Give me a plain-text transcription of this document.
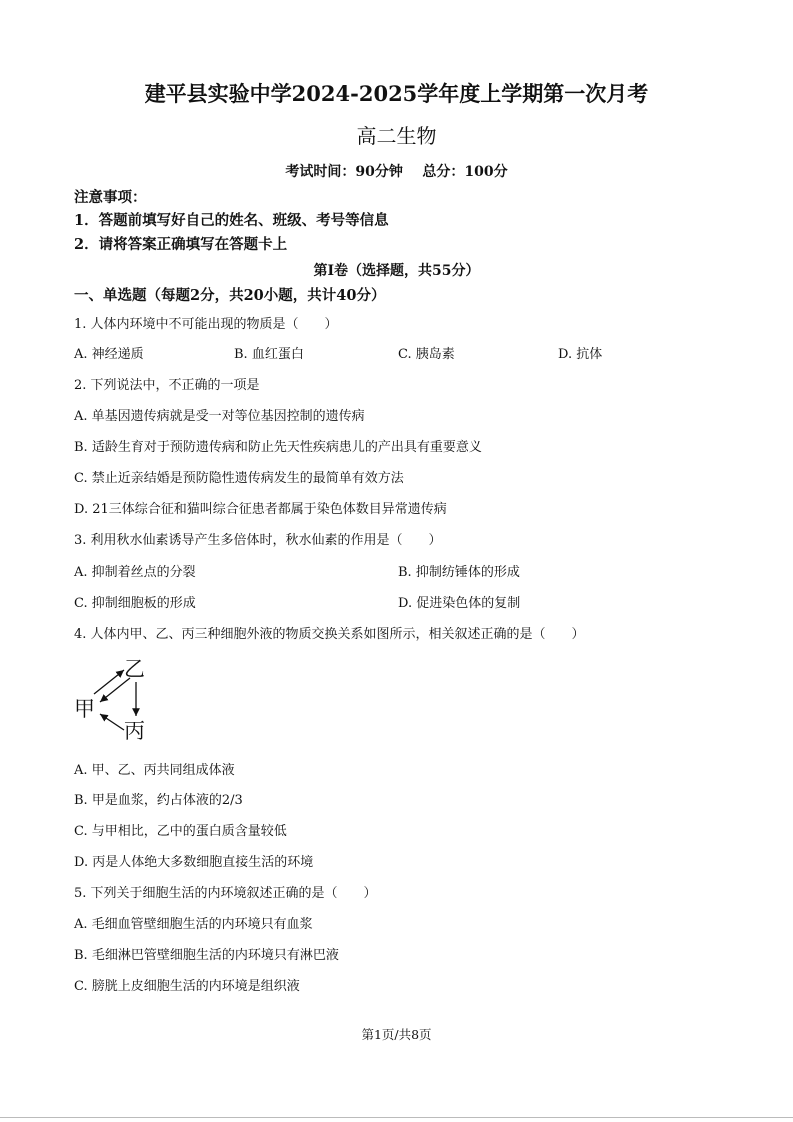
建平县实验中学2024-2025学年度上学期第一次月考
高二生物
考试时间：90分钟    总分：100分
注意事项：
1．答题前填写好自己的姓名、班级、考号等信息
2．请将答案正确填写在答题卡上
第I卷（选择题，共55分）
一、单选题（每题2分，共20小题，共计40分）
1. 人体内环境中不可能出现的物质是（　　）
A. 神经递质	B. 血红蛋白	C. 胰岛素	D. 抗体
2. 下列说法中，不正确的一项是
A. 单基因遗传病就是受一对等位基因控制的遗传病
B. 适龄生育对于预防遗传病和防止先天性疾病患儿的产出具有重要意义
C. 禁止近亲结婚是预防隐性遗传病发生的最简单有效方法
D. 21三体综合征和猫叫综合征患者都属于染色体数目异常遗传病
3. 利用秋水仙素诱导产生多倍体时，秋水仙素的作用是（　　）
A. 抑制着丝点的分裂	B. 抑制纺锤体的形成
C. 抑制细胞板的形成	D. 促进染色体的复制
4. 人体内甲、乙、丙三种细胞外液的物质交换关系如图所示，相关叙述正确的是（　　）
乙
甲
丙
A. 甲、乙、丙共同组成体液
B. 甲是血浆，约占体液的2/3
C. 与甲相比，乙中的蛋白质含量较低
D. 丙是人体绝大多数细胞直接生活的环境
5. 下列关于细胞生活的内环境叙述正确的是（　　）
A. 毛细血管壁细胞生活的内环境只有血浆
B. 毛细淋巴管壁细胞生活的内环境只有淋巴液
C. 膀胱上皮细胞生活的内环境是组织液
第1页/共8页
